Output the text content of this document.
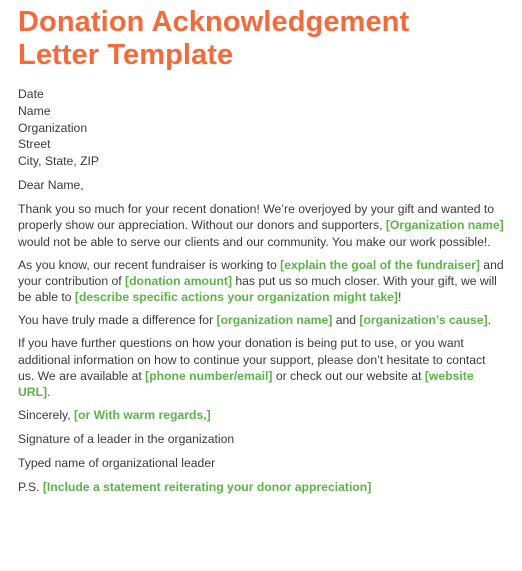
Donation Acknowledgement
Letter Template
Date
Name
Organization
Street
City, State, ZIP

Dear Name,

Thank you so much for your recent donation! We’re overjoyed by your gift and wanted to properly show our appreciation. Without our donors and supporters, [Organization name] would not be able to serve our clients and our community. You make our work possible!.

As you know, our recent fundraiser is working to [explain the goal of the fundraiser] and your contribution of [donation amount] has put us so much closer. With your gift, we will be able to [describe specific actions your organization might take]!

You have truly made a difference for [organization name] and [organization’s cause].

If you have further questions on how your donation is being put to use, or you want additional information on how to continue your support, please don’t hesitate to contact us. We are available at [phone number/email] or check out our website at [website URL].

Sincerely, [or With warm regards,]

Signature of a leader in the organization

Typed name of organizational leader

P.S. [Include a statement reiterating your donor appreciation]
